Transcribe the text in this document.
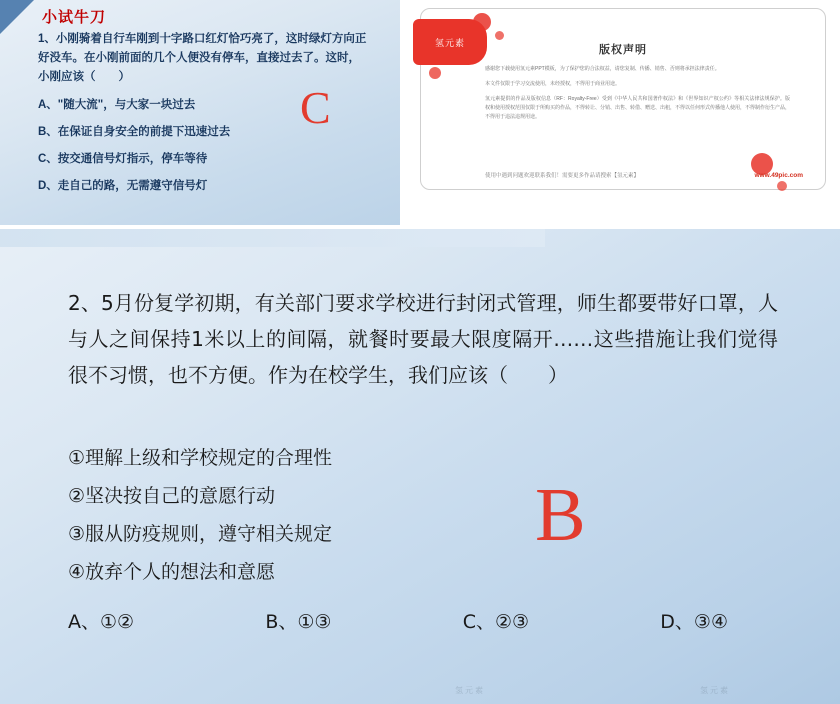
小试牛刀
1、小刚骑着自行车刚到十字路口红灯恰巧亮了，这时绿灯方向正好没车。在小刚前面的几个人便没有停车，直接过去了。这时，小刚应该（　　）
A、"随大流"，与大家一块过去
B、在保证自身安全的前提下迅速过去
C、按交通信号灯指示，停车等待
D、走自己的路，无需遵守信号灯
C
氢元素
版权声明

感谢您下载使用氢元素PPT模板，为了保护您的合法权益，请您复制、传播、销售、否则将承担法律责任。

本文件仅限于学习交流使用，未经授权，不得用于商业用途。

氢元素提供的作品及版权信息（RF：Royalty-Free）受到《中华人民共和国著作权法》和《世界知识产权公约》等相关法律法规保护。版权和使用授权范围仅限于所购买的作品，不得转让、分销、出售、转借、赠送、出租，不得以任何形式传播他人使用，不得制作衍生产品，不得用于违法违规用途。

使用中遇到问题欢迎联系我们！需要更多作品请搜索【氢元素】	www.49pic.com
2、5月份复学初期，有关部门要求学校进行封闭式管理，师生都要带好口罩，人与人之间保持1米以上的间隔，就餐时要最大限度隔开……这些措施让我们觉得很不习惯，也不方便。作为在校学生，我们应该（　　）
①理解上级和学校规定的合理性
②坚决按自己的意愿行动
③服从防疫规则，遵守相关规定
④放弃个人的想法和意愿
A、①②	B、①③	C、②③	D、③④
B
氢元素	氢元素
